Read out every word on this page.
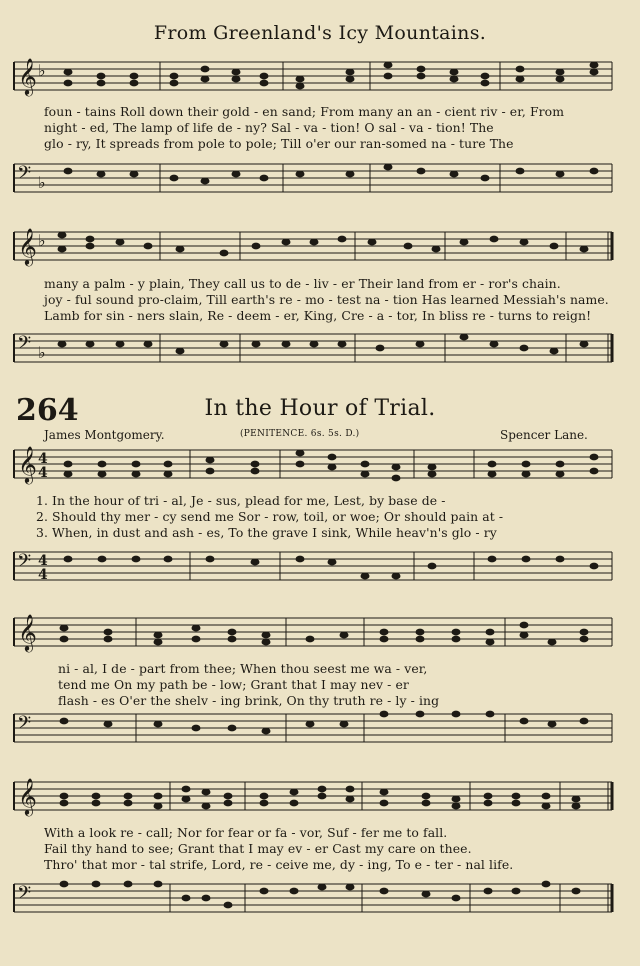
From Greenland's Icy Mountains.
𝄞 ♭
foun - tains Roll down their gold - en sand; From many an an - cient riv - er, From
night - ed, The lamp of life de - ny? Sal - va - tion! O sal - va - tion! The
glo - ry, It spreads from pole to pole; Till o'er our ran-somed na - ture The
𝄢 ♭
𝄞 ♭
many a palm - y plain, They call us to de - liv - er Their land from er - ror's chain.
joy - ful sound pro-claim, Till earth's re - mo - test na - tion Has learned Messiah's name.
Lamb for sin - ners slain, Re - deem - er, King, Cre - a - tor, In bliss re - turns to reign!
𝄢 ♭
264	In the Hour of Trial.
James Montgomery.	(PENITENCE. 6s. 5s. D.)	Spencer Lane.
𝄞 4
4
1. In the hour of tri - al, Je - sus, plead for me, Lest, by base de -
2. Should thy mer - cy send me Sor - row, toil, or woe; Or should pain at -
3. When, in dust and ash - es, To the grave I sink, While heav'n's glo - ry
𝄢 4
4
𝄞
ni - al, I de - part from thee; When thou seest me wa - ver,
tend me On my path be - low; Grant that I may nev - er
flash - es O'er the shelv - ing brink, On thy truth re - ly - ing
𝄢
𝄞
With a look re - call; Nor for fear or fa - vor, Suf - fer me to fall.
Fail thy hand to see; Grant that I may ev - er Cast my care on thee.
Thro' that mor - tal strife, Lord, re - ceive me, dy - ing, To e - ter - nal life.
𝄢
